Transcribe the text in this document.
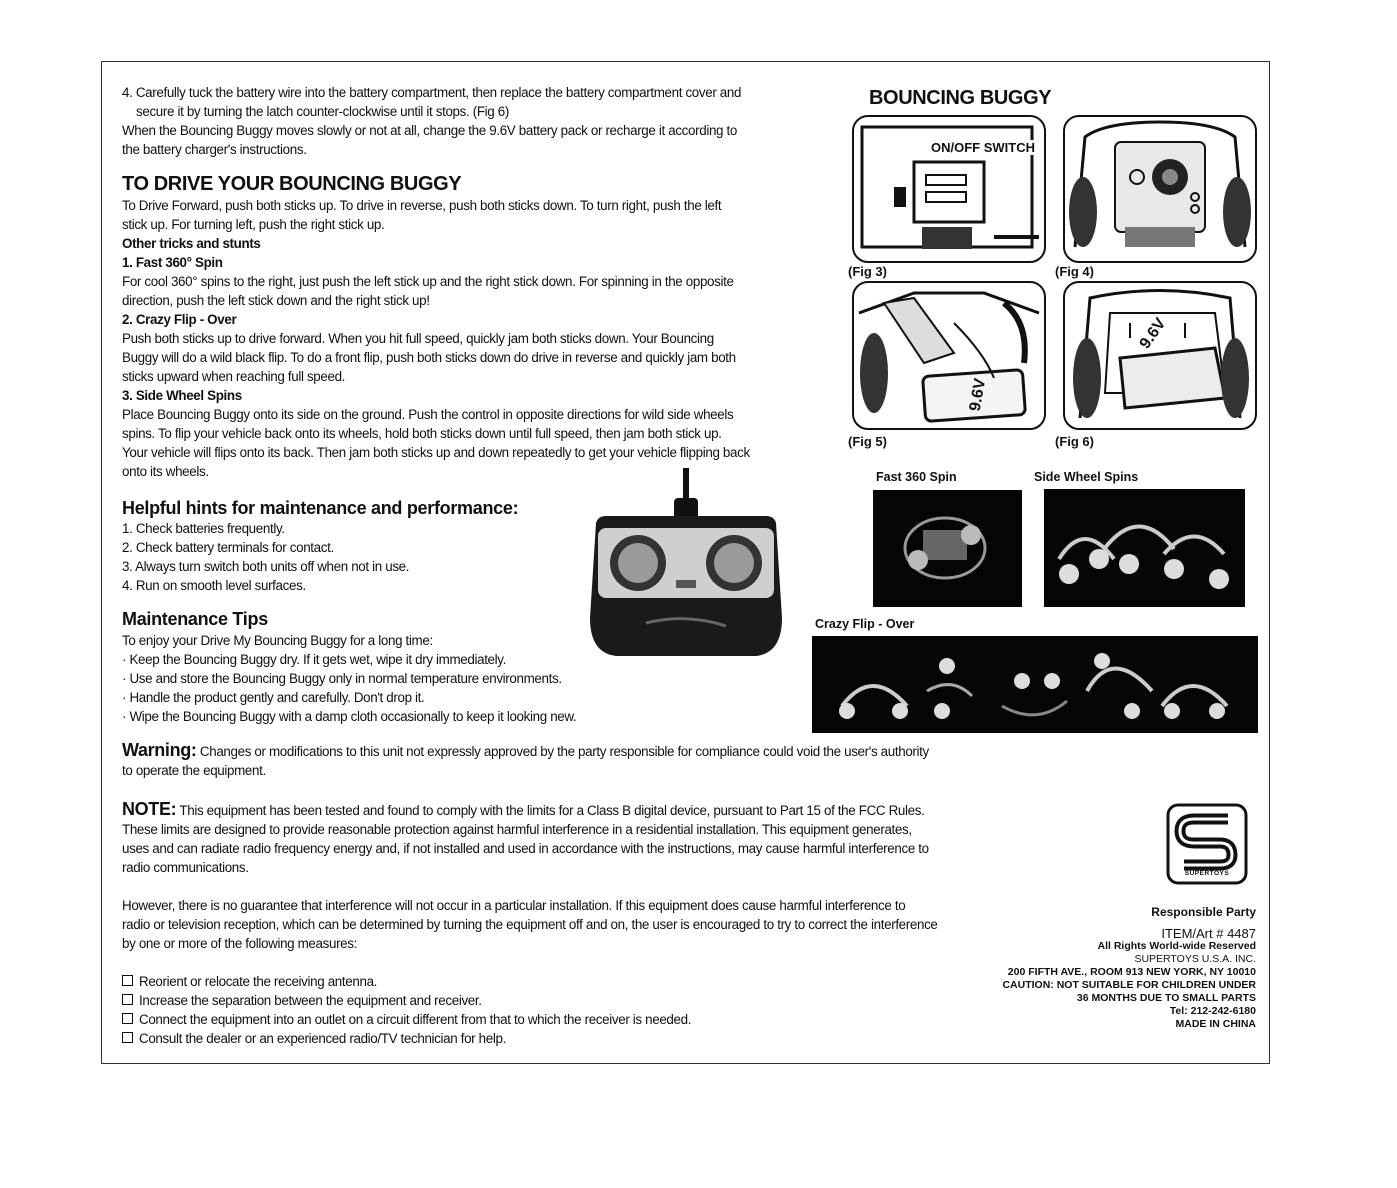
4. Carefully tuck the battery wire into the battery compartment, then replace the battery compartment cover and

secure it by turning the latch counter-clockwise until it stops. (Fig 6)

When the Bouncing Buggy moves slowly or not at all, change the 9.6V battery pack or recharge it according to

the battery charger's instructions.

TO DRIVE YOUR BOUNCING BUGGY

To Drive Forward, push both sticks up. To drive in reverse, push both sticks down. To turn right, push the left

stick up. For turning left, push the right stick up.

Other tricks and stunts

1. Fast 360° Spin

For cool 360° spins to the right, just push the left stick up and the right stick down. For spinning in the opposite

direction, push the left stick down and the right stick up!

2. Crazy Flip - Over

Push both sticks up to drive forward. When you hit full speed, quickly jam both sticks down. Your Bouncing

Buggy will do a wild black flip. To do a front flip, push both sticks down do drive in reverse and quickly jam both

sticks upward when reaching full speed.

3. Side Wheel Spins

Place Bouncing Buggy onto its side on the ground. Push the control in opposite directions for wild side wheels

spins. To flip your vehicle back onto its wheels, hold both sticks down until full speed, then jam both stick up.

Your vehicle will flips onto its back. Then jam both sticks up and down repeatedly to get your vehicle flipping back

onto its wheels.

Helpful hints for maintenance and performance:

1. Check batteries frequently.

2. Check battery terminals for contact.

3. Always turn switch both units off when not in use.

4. Run on smooth level surfaces.

Maintenance Tips

To enjoy your Drive My Bouncing Buggy for a long time:

· Keep the Bouncing Buggy dry. If it gets wet, wipe it dry immediately.

· Use and store the Bouncing Buggy only in normal temperature environments.

· Handle the product gently and carefully. Don't drop it.

· Wipe the Bouncing Buggy with a damp cloth occasionally to keep it looking new.

Warning: Changes or modifications to this unit not expressly approved by the party responsible for compliance could void the user's authority

to operate the equipment.

NOTE: This equipment has been tested and found to comply with the limits for a Class B digital device, pursuant to Part 15 of the FCC Rules.

These limits are designed to provide reasonable protection against harmful interference in a residential installation. This equipment generates,

uses and can radiate radio frequency energy and, if not installed and used in accordance with the instructions, may cause harmful interference to

radio communications.

However, there is no guarantee that interference will not occur in a particular installation. If this equipment does cause harmful interference to

radio or television reception, which can be determined by turning the equipment off and on, the user is encouraged to try to correct the interference

by one or more of the following measures:

Reorient or relocate the receiving antenna.

Increase the separation between the equipment and receiver.

Connect the equipment into an outlet on a circuit different from that to which the receiver is needed.

Consult the dealer or an experienced radio/TV technician for help.

BOUNCING BUGGY
ON/OFF SWITCH
(Fig 3)	(Fig 4)
9.6V
(Fig 5)
9.6V
(Fig 6)
Fast 360 Spin	Side Wheel Spins
Crazy Flip - Over
SUPERTOYS
Responsible Party
ITEM/Art # 4487
All Rights World-wide Reserved
SUPERTOYS U.S.A. INC.
200 FIFTH AVE., ROOM 913 NEW YORK, NY 10010
CAUTION: NOT SUITABLE FOR CHILDREN UNDER
36 MONTHS DUE TO SMALL PARTS
Tel: 212-242-6180
MADE IN CHINA
